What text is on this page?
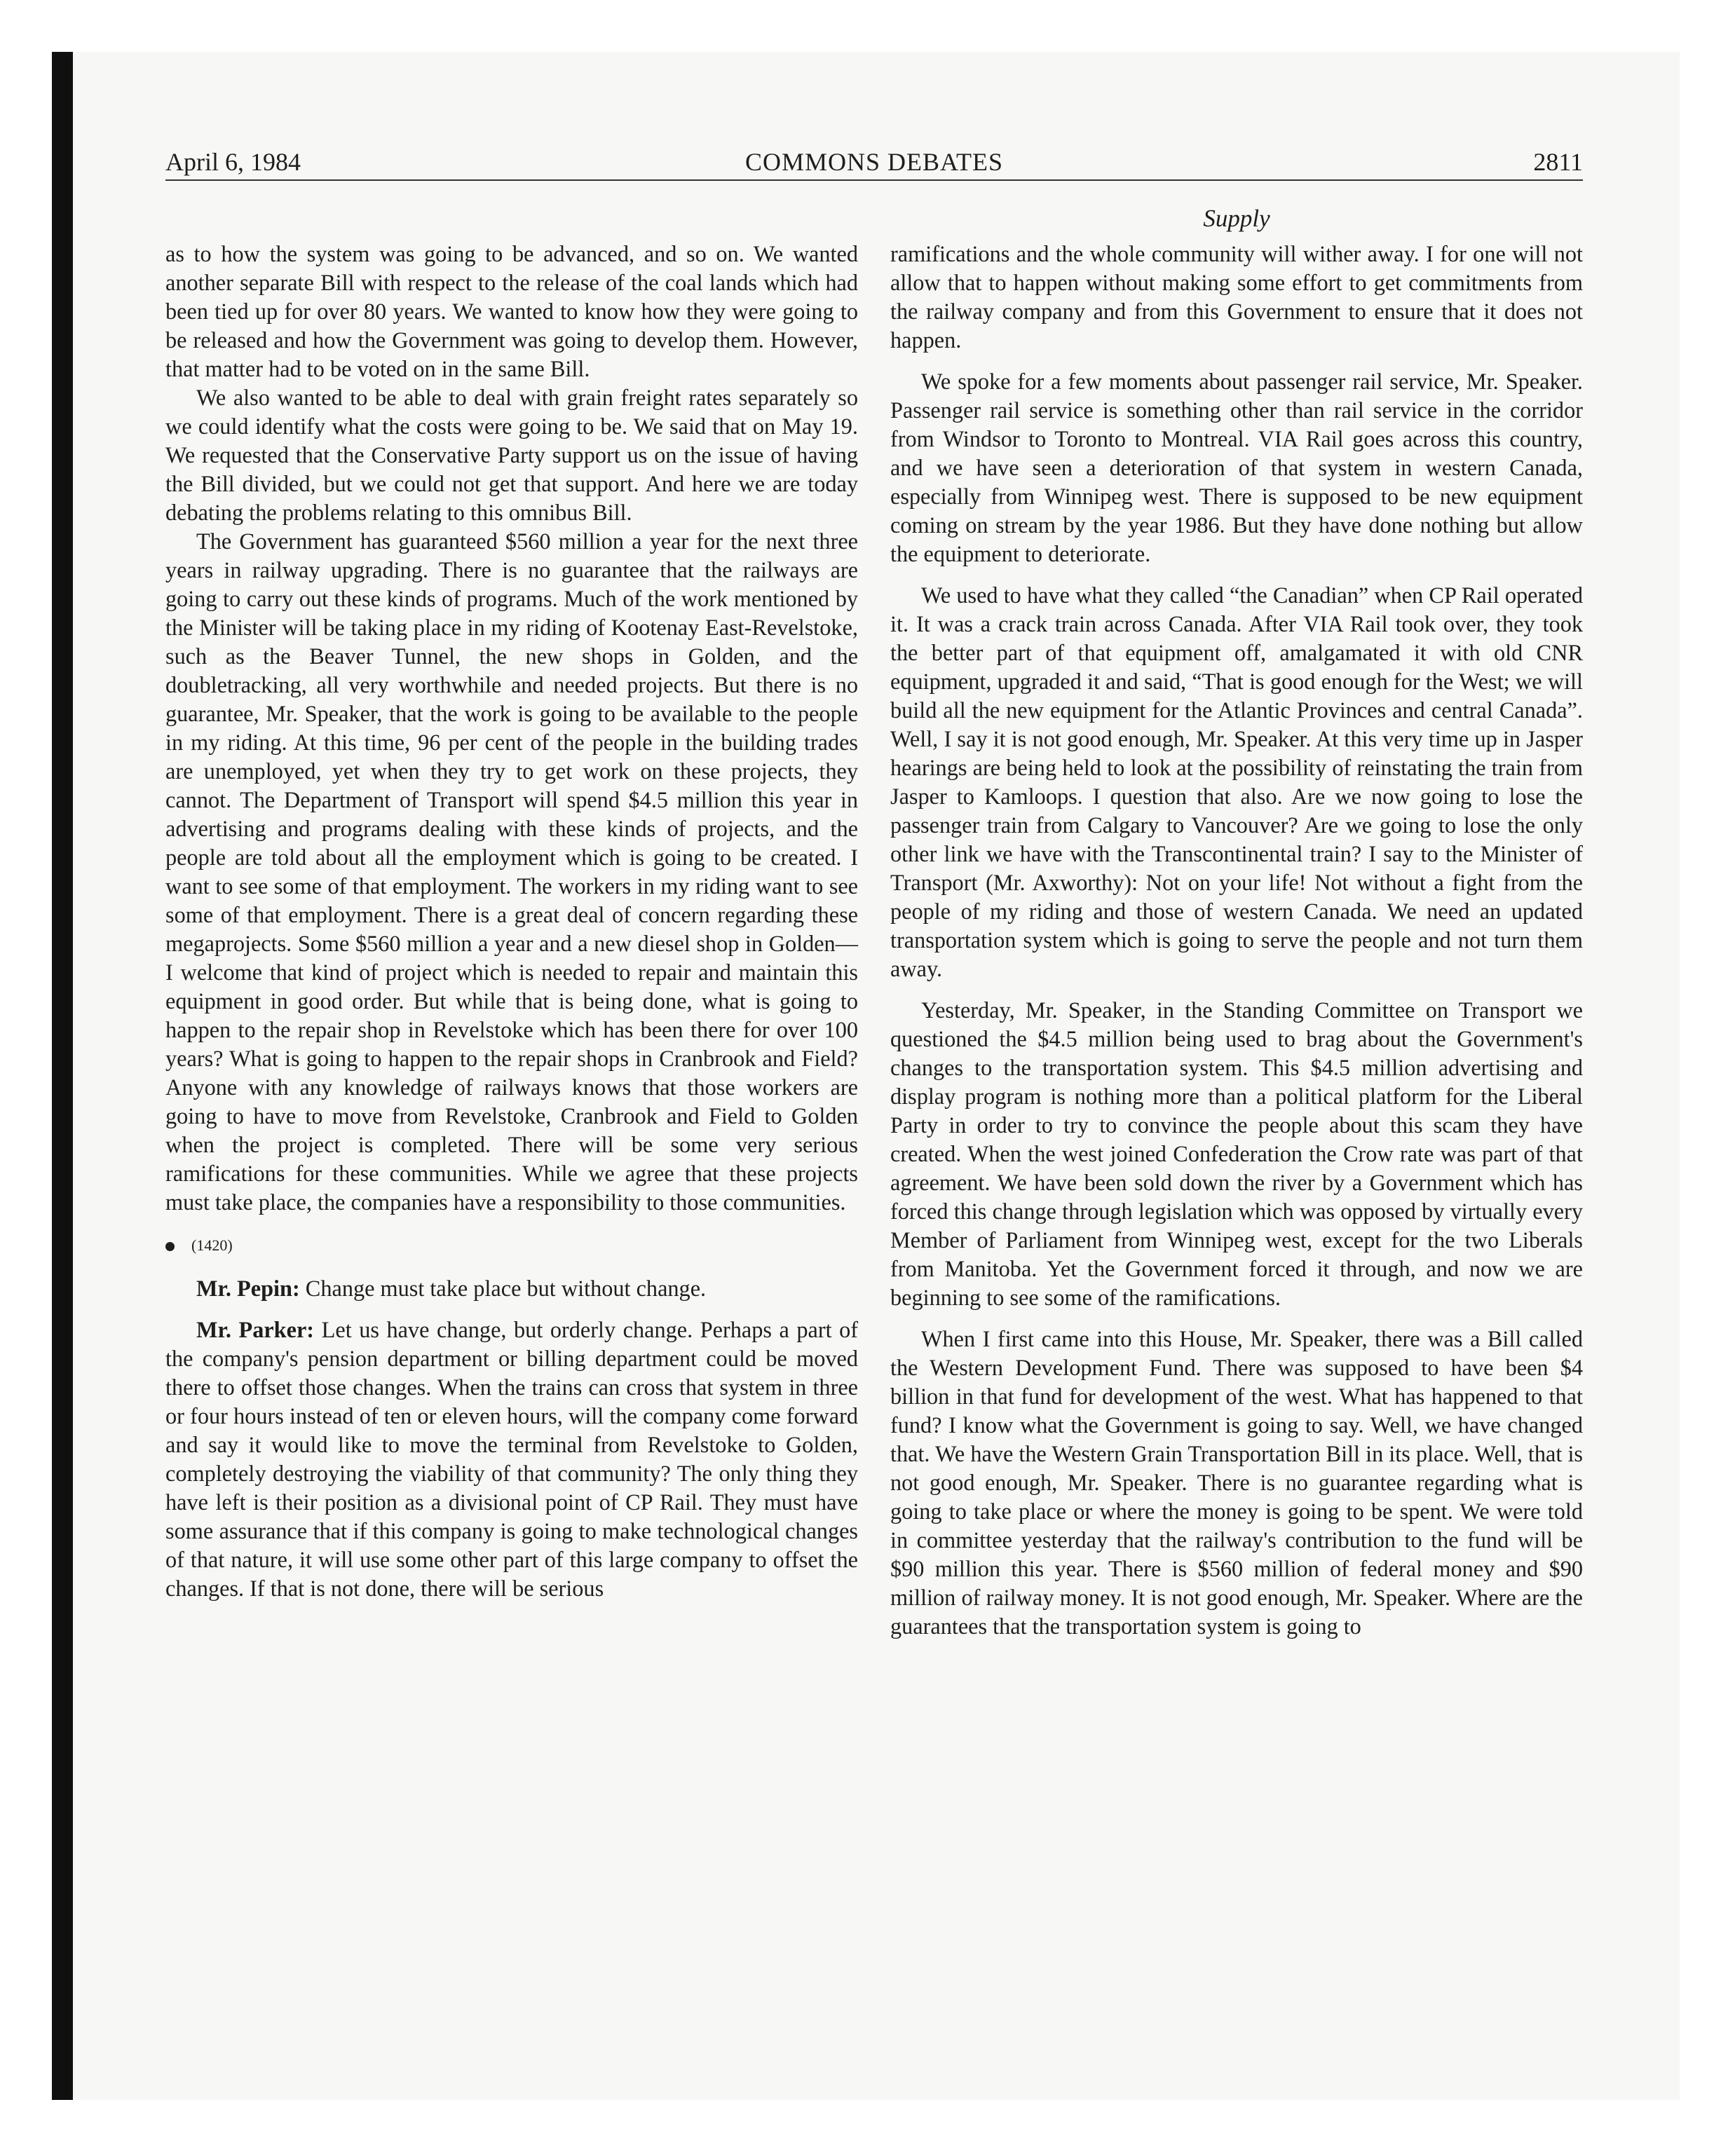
April 6, 1984	COMMONS DEBATES	2811
Supply

as to how the system was going to be advanced, and so on. We wanted another separate Bill with respect to the release of the coal lands which had been tied up for over 80 years. We wanted to know how they were going to be released and how the Government was going to develop them. However, that matter had to be voted on in the same Bill.

We also wanted to be able to deal with grain freight rates separately so we could identify what the costs were going to be. We said that on May 19. We requested that the Conservative Party support us on the issue of having the Bill divided, but we could not get that support. And here we are today debating the problems relating to this omnibus Bill.

The Government has guaranteed $560 million a year for the next three years in railway upgrading. There is no guarantee that the railways are going to carry out these kinds of programs. Much of the work mentioned by the Minister will be taking place in my riding of Kootenay East-Revelstoke, such as the Beaver Tunnel, the new shops in Golden, and the doubletracking, all very worthwhile and needed projects. But there is no guarantee, Mr. Speaker, that the work is going to be available to the people in my riding. At this time, 96 per cent of the people in the building trades are unemployed, yet when they try to get work on these projects, they cannot. The Department of Transport will spend $4.5 million this year in advertising and programs dealing with these kinds of projects, and the people are told about all the employment which is going to be created. I want to see some of that employment. The workers in my riding want to see some of that employment. There is a great deal of concern regarding these megaprojects. Some $560 million a year and a new diesel shop in Golden—I welcome that kind of project which is needed to repair and maintain this equipment in good order. But while that is being done, what is going to happen to the repair shop in Revelstoke which has been there for over 100 years? What is going to happen to the repair shops in Cranbrook and Field? Anyone with any knowledge of railways knows that those workers are going to have to move from Revelstoke, Cranbrook and Field to Golden when the project is completed. There will be some very serious ramifications for these communities. While we agree that these projects must take place, the companies have a responsibility to those communities.

(1420)

Mr. Pepin: Change must take place but without change.

Mr. Parker: Let us have change, but orderly change. Perhaps a part of the company's pension department or billing department could be moved there to offset those changes. When the trains can cross that system in three or four hours instead of ten or eleven hours, will the company come forward and say it would like to move the terminal from Revelstoke to Golden, completely destroying the viability of that community? The only thing they have left is their position as a divisional point of CP Rail. They must have some assurance that if this company is going to make technological changes of that nature, it will use some other part of this large company to offset the changes. If that is not done, there will be serious

ramifications and the whole community will wither away. I for one will not allow that to happen without making some effort to get commitments from the railway company and from this Government to ensure that it does not happen.

We spoke for a few moments about passenger rail service, Mr. Speaker. Passenger rail service is something other than rail service in the corridor from Windsor to Toronto to Montreal. VIA Rail goes across this country, and we have seen a deterioration of that system in western Canada, especially from Winnipeg west. There is supposed to be new equipment coming on stream by the year 1986. But they have done nothing but allow the equipment to deteriorate.

We used to have what they called “the Canadian” when CP Rail operated it. It was a crack train across Canada. After VIA Rail took over, they took the better part of that equipment off, amalgamated it with old CNR equipment, upgraded it and said, “That is good enough for the West; we will build all the new equipment for the Atlantic Provinces and central Canada”. Well, I say it is not good enough, Mr. Speaker. At this very time up in Jasper hearings are being held to look at the possibility of reinstating the train from Jasper to Kamloops. I question that also. Are we now going to lose the passenger train from Calgary to Vancouver? Are we going to lose the only other link we have with the Transcontinental train? I say to the Minister of Transport (Mr. Axworthy): Not on your life! Not without a fight from the people of my riding and those of western Canada. We need an updated transportation system which is going to serve the people and not turn them away.

Yesterday, Mr. Speaker, in the Standing Committee on Transport we questioned the $4.5 million being used to brag about the Government's changes to the transportation system. This $4.5 million advertising and display program is nothing more than a political platform for the Liberal Party in order to try to convince the people about this scam they have created. When the west joined Confederation the Crow rate was part of that agreement. We have been sold down the river by a Government which has forced this change through legislation which was opposed by virtually every Member of Parliament from Winnipeg west, except for the two Liberals from Manitoba. Yet the Government forced it through, and now we are beginning to see some of the ramifications.

When I first came into this House, Mr. Speaker, there was a Bill called the Western Development Fund. There was supposed to have been $4 billion in that fund for development of the west. What has happened to that fund? I know what the Government is going to say. Well, we have changed that. We have the Western Grain Transportation Bill in its place. Well, that is not good enough, Mr. Speaker. There is no guarantee regarding what is going to take place or where the money is going to be spent. We were told in committee yesterday that the railway's contribution to the fund will be $90 million this year. There is $560 million of federal money and $90 million of railway money. It is not good enough, Mr. Speaker. Where are the guarantees that the transportation system is going to
